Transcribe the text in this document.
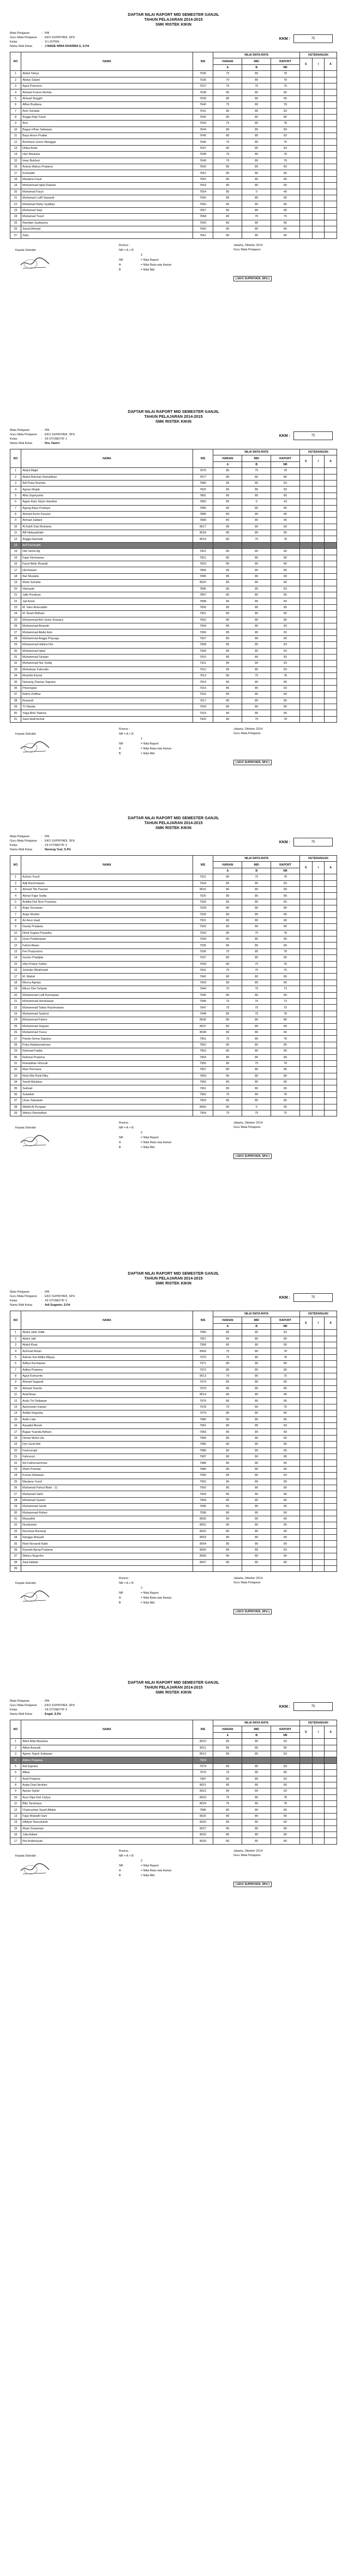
DAFTAR NILAI RAPORT MID SEMESTER GANJIL
TAHUN PELAJARAN 2014-2015
SMK RISTEK KIKIN
Mata Pelajaran	: IPA
Guru Mata Pelajaran	: EKO SUPRIYADI, SPd
Kelas	: XI LISTRIK
Nama Wali Kelas	: J MADE WIRA DHARMA S, S.Pd
KKM :	75
NO	NAMA	NIS	NILAI RATA-RATA			KETERANGAN		
			HARIAN	MID	RAPORT	S	I	A
			A	B	NR			
1	Abdul Yahya	7635	75	80	78			
2	Abdus Salam	7636	70	85	78			
3	Agus Pramono	7637	75	75	75			
4	Ahmad Furkon Muhtar	7638	80	80	80			
5	Ahmad Singgih	7639	80	80	80			
6	Alfian Budiana	7640	75	80	78			
7	Amri Suhada	7641	80	85	83			
8	Angga Roje Fauzi	7642	80	80	80			
9	Arul	7643	75	80	78			
10	Bagas Irfhan Setiawan	7644	80	80	80			
11	Bayu Anom Pratiwi	7645	80	85	83			
12	Bernhard Junior Wanggai	7646	70	80	75			
13	Dhika Andri	7647	80	85	83			
14	Hari Maulana	7648	75	80	78			
15	Iman Bukhori	7649	75	80	78			
16	Ariana Wahyu Pratama	7650	80	85	83			
17	Kurniadin	7651	80	80	80			
18	Maulana Fauzi	7652	80	80	80			
19	Mohammad Iqbal Daelani	7653	80	80	80			
20	Muhamad Fauzi	7654	80	0	40			
21	Muhamad Lutfil Sopandi	7655	80	80	80			
22	Muhamad Rizky Syafiqul	7656	80	80	80			
23	Muhamad Sopi	7657	80	80	80			
24	Muhamad Yusuf	7658	80	70	75			
25	Ramdan Syahputra	7659	80	80	80			
26	Zainal Ahmad	7660	80	80	80			
27	Zaky	7661	80	80	80			
Kepala Sekolah
Rumus :
NR = A + B
2
NR	= Nilai Raport
A	= Nilai Rata-rata Harian
B	= Nilai Mid
Jakarta, Oktober 2014
Guru Mata Pelajaran
( EKO SUPRIYADI, SPd )
DAFTAR NILAI RAPORT MID SEMESTER GANJIL
TAHUN PELAJARAN 2014-2015
SMK RISTEK KIKIN
Mata Pelajaran	: IPA
Guru Mata Pelajaran	: EKO SUPRIYADI, SPd
Kelas	: XII OTOMOTIF 1
Nama Wali Kelas	: Dra. Hamri
KKM :	75
NO	NAMA	NIS	NILAI RATA-RATA			KETERANGAN		
			HARIAN	MID	RAPORT	S	I	A
			A	B	NR			
1	Abdul Majid	7876	80	75	78			
2	Abdul Rokman Ramadhan	7877	80	80	80			
3	Adi Putra Nuchan	7880	85	80	83			
4	Agnan Mujab	7820	85	80	83			
5	Afria Supriyanto	7881	80	80	80			
6	Agam Kato Sirjon Handrisi	7883	85	0	43			
7	Agung Bayu Purbaya	7885	80	80	80			
8	Ahmad Kevin Fauzan	7886	80	80	80			
9	Ahmad Zaldani	7889	80	80	80			
10	Al Kahfi Ziah Mulrama	8017	85	80	83			
11	Alif Hidayatullah	8018	80	80	80			
12	Angga Darmadi	8019	80	75	78			
13	Arif Fachrudin							
14	Dilo Sentu Aji	7801	80	80	80			
15	Fajar Hermawan	7821	80	80	80			
16	Fauzi Abdu Rosyidi	7820	80	80	80			
17	Hermawan	7894	80	80	80			
18	Ifan Mustafa	7895	85	80	83			
19	Ilham Suhada	8020	80	80	80			
20	Irfansyah	7896	80	85	83			
21	Jalih Purdiyan	7897	80	80	80			
22	Jali Arisin	7898	80	85	83			
23	M. Glen Aminuddin	7900	85	85	85			
24	M. Rizali Ridhani	7901	80	80	80			
25	Muhammad Arif Junior Kiswara	7902	80	80	80			
26	Muhammad Alvandri	7904	85	80	83			
27	Muhammad Abdul Aziz	7906	85	80	83			
28	Muhammad Angga Prayoga	7907	80	80	80			
29	Muhammad Hafizul Ilmi	7908	85	80	83			
30	Muhammad Iqbal	7909	85	80	83			
31	Muhammad Sinaian	7910	85	80	83			
32	Muhammad Nur Sodiq	7911	85	80	83			
33	Muhaiman Fahrudin	7912	85	80	83			
34	Mustofa Kamal	7913	80	75	78			
35	Nasrang Zhaniar Saputra	7914	80	80	80			
36	Pirwongian	7915	85	80	83			
37	Rahm Zulfikar	7916	80	80	80			
38	Rusandi	7917	80	80	80			
39	Tri Nanda	7918	80	80	80			
40	Yoga Ahla Yatama	7919	80	80	80			
41	Zaicil Aidil Azmal	7920	80	75	78			
Kepala Sekolah
Rumus :
NR = A + B
2
NR	= Nilai Raport
A	= Nilai Rata-rata Harian
B	= Nilai Mid
Jakarta, Oktober 2014
Guru Mata Pelajaran
( EKO SUPRIYADI, SPd )
DAFTAR NILAI RAPORT MID SEMESTER GANJIL
TAHUN PELAJARAN 2014-2015
SMK RISTEK KIKIN
Mata Pelajaran	: IPA
Guru Mata Pelajaran	: EKO SUPRIYADI, SPd
Kelas	: XII OTOMOTIF 2
Nama Wali Kelas	: Nenong Yusl, S.Pd
KKM :	75
NO	NAMA	NIS	NILAI RATA-RATA			KETERANGAN		
			HARIAN	MID	RAPORT	S	I	A
			A	B	NR			
1	Achlan Yusuf	7921	80	75	78			
2	Adji Rachmawan	7924	85	80	83			
3	Ahmad Tito Pauzan	8016	80	80	80			
4	Akmal Fajar Sodiq	7925	80	80	80			
5	Andika Dwi Novi Prasetya	7926	80	80	80			
6	Anjar Gunawan	7928	80	80	80			
7	Anjar Muslim	7929	80	80	80			
8	Ari Arun Hadi	7931	80	80	80			
9	Dandy Pradana	7932	80	80	80			
10	Dimit Sugara Pasaribu	7933	80	75	78			
11	Dyan Pradanasari	7934	80	80	80			
12	Fahmi Alwan	7935	80	80	80			
13	Feri Purpustoro	7936	70	85	78			
14	Guntur Pradipta	7937	80	80	80			
15	Irfan Pudya Yudha	7939	80	75	78			
16	Junedar Wirahmadi	7941	75	75	75			
17	M. Wahid	7942	80	80	80			
18	Mecca Agniya	7943	80	80	80			
19	Micco Dwi Yulianto	7944	70	75	73			
20	Muhammad Lutfi Kurniawan	7945	80	80	80			
21	Muhammad Hendrawan	7946	70	75	73			
22	Muhammad Tafaul Rachmawan	7947	75	75	75			
23	Muhammad Syahrul	7948	80	75	78			
24	Muhammad Fahmi	8036	80	80	80			
25	Muhammad Sopyan	8037	80	80	80			
26	Muhammad Yunus	8038	80	80	80			
27	Pandu Gema Saputra	7951	75	80	78			
28	Putra Habibarrahman	7952	80	80	80			
29	Rahmad Fadila	7953	80	80	80			
30	Rahmat Pratama	7954	80	80	80			
31	Ramadhan Ghozali	7955	80	75	78			
32	Rian Permana	7957	80	80	80			
33	Rizki Riki Rizki Riky	7959	80	80	80			
34	Sandi Maulana	7960	80	80	80			
35	Selmad	7961	80	80	80			
36	Sulaelisk	7962	75	80	78			
37	Umar Sakaniah	7963	80	80	80			
38	Wahid Al Purqaan	8050	80	0	40			
39	Wahyu Ramadhan	7964	75	75	75			
Kepala Sekolah
Rumus :
NR = A + B
2
NR	= Nilai Raport
A	= Nilai Rata-rata Harian
B	= Nilai Mid
Jakarta, Oktober 2014
Guru Mata Pelajaran
( EKO SUPRIYADI, SPd )
DAFTAR NILAI RAPORT MID SEMESTER GANJIL
TAHUN PELAJARAN 2014-2015
SMK RISTEK KIKIN
Mata Pelajaran	: IPA
Guru Mata Pelajaran	: EKO SUPRIYADI, SPd
Kelas	: XII OTOMOTIF 3
Nama Wali Kelas	: Adi Suganto, S.Pd
KKM :	75
NO	NAMA	NIS	NILAI RATA-RATA			KETERANGAN		
			HARIAN	MID	RAPORT	S	I	A
			A	B	NR			
1	Abdul Jafar Sidik	7966	85	80	83			
2	Abdul Jalil	7967	80	80	80			
3	Abdul Khair	7968	80	80	80			
4	Achmad Rizan	8069	75	80	78			
5	Adonis Ilun Aditia Wijaya	7970	75	80	78			
6	Aditya Kurniawan	7971	80	80	80			
7	Aditya Pratama	7972	80	80	80			
8	Agus Kurkurnto	8013	70	80	75			
9	Ahmad Sugandi	7974	80	80	80			
10	Ahmad Yasmin	7975	80	80	80			
11	Andi Anan	8014	80	80	80			
12	Andu Tiri Setiawan	7976	80	80	80			
13	Apriyoswin Irawan	7978	70	80	75			
14	Ardika Nugraha	7979	80	80	80			
15	Ardin Lala	7980	80	80	80			
16	Asyadul Akram	7981	80	85	83			
17	Bagas Yuanda Adhani	7983	80	80	80			
18	Dimas Muha Uts	7984	80	80	80			
19	Dyn Gusti Adi	7985	80	80	80			
20	Fachrurrijal	7986	80	80	80			
21	Fahrurozi	7987	80	80	80			
22	Ibn Fathurrachman	7988	80	80	80			
23	Ilham Pranata	7989	80	80	80			
24	Kurnia Setiawan	7990	85	80	83			
25	Maulana Yusuf	7991	80	80	80			
26	Muhamad Fahrul Rizki - 11	7992	80	80	80			
27	Muhamad Sahri	7993	80	80	80			
28	Muhamad Syamil	7994	80	80	80			
29	Muhammad Saridi	7995	80	80	80			
30	Muhammad Rofani	7996	80	80	80			
31	Mussafrik	8000	80	80	80			
32	Nurdiyanto	8001	80	80	80			
33	Rachmat Rumanji	8002	80	80	80			
34	Rangga Mulyadi	8003	80	80	80			
35	Rizki Novandi Kaliti	8004	80	80	80			
36	Ryandri Ajeng Pratama	8005	80	85	83			
37	Wahyu Nugroho	8006	80	80	80			
38	Zaid Hiddah	8007	80	80	80			
39								
Kepala Sekolah
Rumus :
NR = A + B
2
NR	= Nilai Raport
A	= Nilai Rata-rata Harian
B	= Nilai Mid
Jakarta, Oktober 2014
Guru Mata Pelajaran
( EKO SUPRIYADI, SPd )
DAFTAR NILAI RAPORT MID SEMESTER GANJIL
TAHUN PELAJARAN 2014-2015
SMK RISTEK KIKIN
Mata Pelajaran	: IPA
Guru Mata Pelajaran	: EKO SUPRIYADI, SPd
Kelas	: XII OTOMOTIF 4
Nama Wali Kelas	: Engal, S.Pd
KKM :	75
NO	NAMA	NIS	NILAI RATA-RATA			KETERANGAN		
			HARIAN	MID	RAPORT	S	I	A
			A	B	NR			
1	Afein Afiat Maulana	8010	85	80	83			
2	Alfian Anaradi	8011	85	85	85			
3	Agnes Teguh Setiawan	8012	85	80	83			
4	Aldino Pratama	7933						
5	Adi Saputra	7974	85	80	83			
6	Alfian	7975	75	85	80			
7	Andi Pratama	7987	80	85	83			
8	Anjas Dani Ibrahim	8021	80	80	80			
9	Aprian Sahid	8022	85	80	83			
10	Arus Dipa Dwi Cahya	8023	75	80	78			
11	Billy Taramaya	8024	75	80	78			
12	Chaimurhan Syarif Alfalizi	7980	80	80	80			
13	Fajar Mubadli Sani	8025	80	80	80			
14	Idhtiyar Nasrutullah	8026	80	80	80			
15	Ilham Sulaeman	8027	80	80	80			
16	Julia Adiani	8032	80	80	80			
17	Rizi Ardiansyah	8033	80	80	80			
Kepala Sekolah
Rumus :
NR = A + B
2
NR	= Nilai Raport
A	= Nilai Rata-rata Harian
B	= Nilai Mid
Jakarta, Oktober 2014
Guru Mata Pelajaran
( EKO SUPRIYADI, SPd )
